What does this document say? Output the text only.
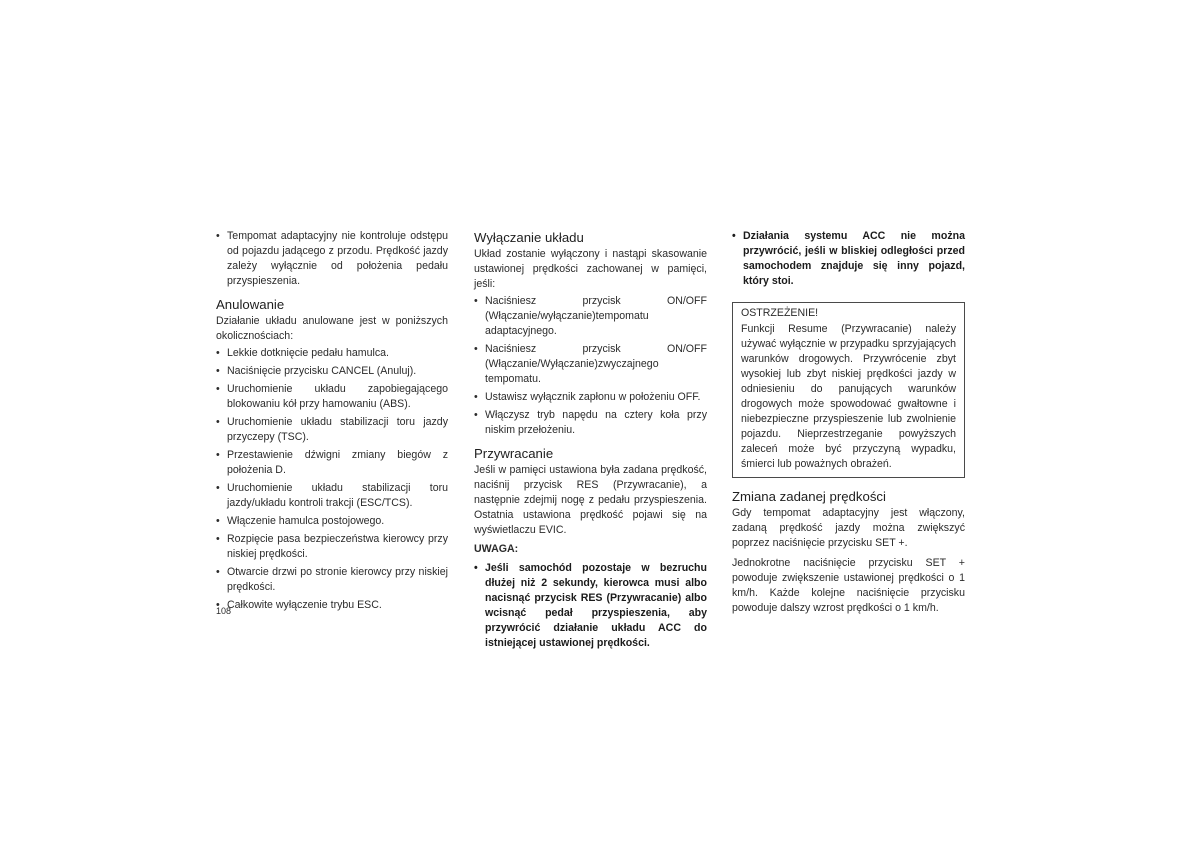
• Tempomat adaptacyjny nie kontroluje odstępu od pojazdu jadącego z przodu. Prędkość jazdy zależy wyłącznie od położenia pedału przyspieszenia.
Anulowanie

Działanie układu anulowane jest w poniższych okolicznościach:

• Lekkie dotknięcie pedału hamulca.
• Naciśnięcie przycisku CANCEL (Anuluj).
• Uruchomienie układu zapobiegającego blokowaniu kół przy hamowaniu (ABS).
• Uruchomienie układu stabilizacji toru jazdy przyczepy (TSC).
• Przestawienie dźwigni zmiany biegów z położenia D.
• Uruchomienie układu stabilizacji toru jazdy/układu kontroli trakcji (ESC/TCS).
• Włączenie hamulca postojowego.
• Rozpięcie pasa bezpieczeństwa kierowcy przy niskiej prędkości.
• Otwarcie drzwi po stronie kierowcy przy niskiej prędkości.
• Całkowite wyłączenie trybu ESC.
Wyłączanie układu

Układ zostanie wyłączony i nastąpi skasowanie ustawionej prędkości zachowanej w pamięci, jeśli:

• Naciśniesz przycisk ON/OFF (Włączanie/wyłączanie)tempomatu adaptacyjnego.
• Naciśniesz przycisk ON/OFF (Włączanie/Wyłączanie)zwyczajnego tempomatu.
• Ustawisz wyłącznik zapłonu w położeniu OFF.
• Włączysz tryb napędu na cztery koła przy niskim przełożeniu.
Przywracanie

Jeśli w pamięci ustawiona była zadana prędkość, naciśnij przycisk RES (Przywracanie), a następnie zdejmij nogę z pedału przyspieszenia. Ostatnia ustawiona prędkość pojawi się na wyświetlaczu EVIC.

UWAGA:
• Jeśli samochód pozostaje w bezruchu dłużej niż 2 sekundy, kierowca musi albo nacisnąć przycisk RES (Przywracanie) albo wcisnąć pedał przyspieszenia, aby przywrócić działanie układu ACC do istniejącej ustawionej prędkości.
• Działania systemu ACC nie można przywrócić, jeśli w bliskiej odległości przed samochodem znajduje się inny pojazd, który stoi.
OSTRZEŻENIE!

Funkcji Resume (Przywracanie) należy używać wyłącznie w przypadku sprzyjających warunków drogowych. Przywrócenie zbyt wysokiej lub zbyt niskiej prędkości jazdy w odniesieniu do panujących warunków drogowych może spowodować gwałtowne i niebezpieczne przyspieszenie lub zwolnienie pojazdu. Nieprzestrzeganie powyższych zaleceń może być przyczyną wypadku, śmierci lub poważnych obrażeń.

Zmiana zadanej prędkości

Gdy tempomat adaptacyjny jest włączony, zadaną prędkość jazdy można zwiększyć poprzez naciśnięcie przycisku SET +.

Jednokrotne naciśnięcie przycisku SET + powoduje zwiększenie ustawionej prędkości o 1 km/h. Każde kolejne naciśnięcie przycisku powoduje dalszy wzrost prędkości o 1 km/h.

108
